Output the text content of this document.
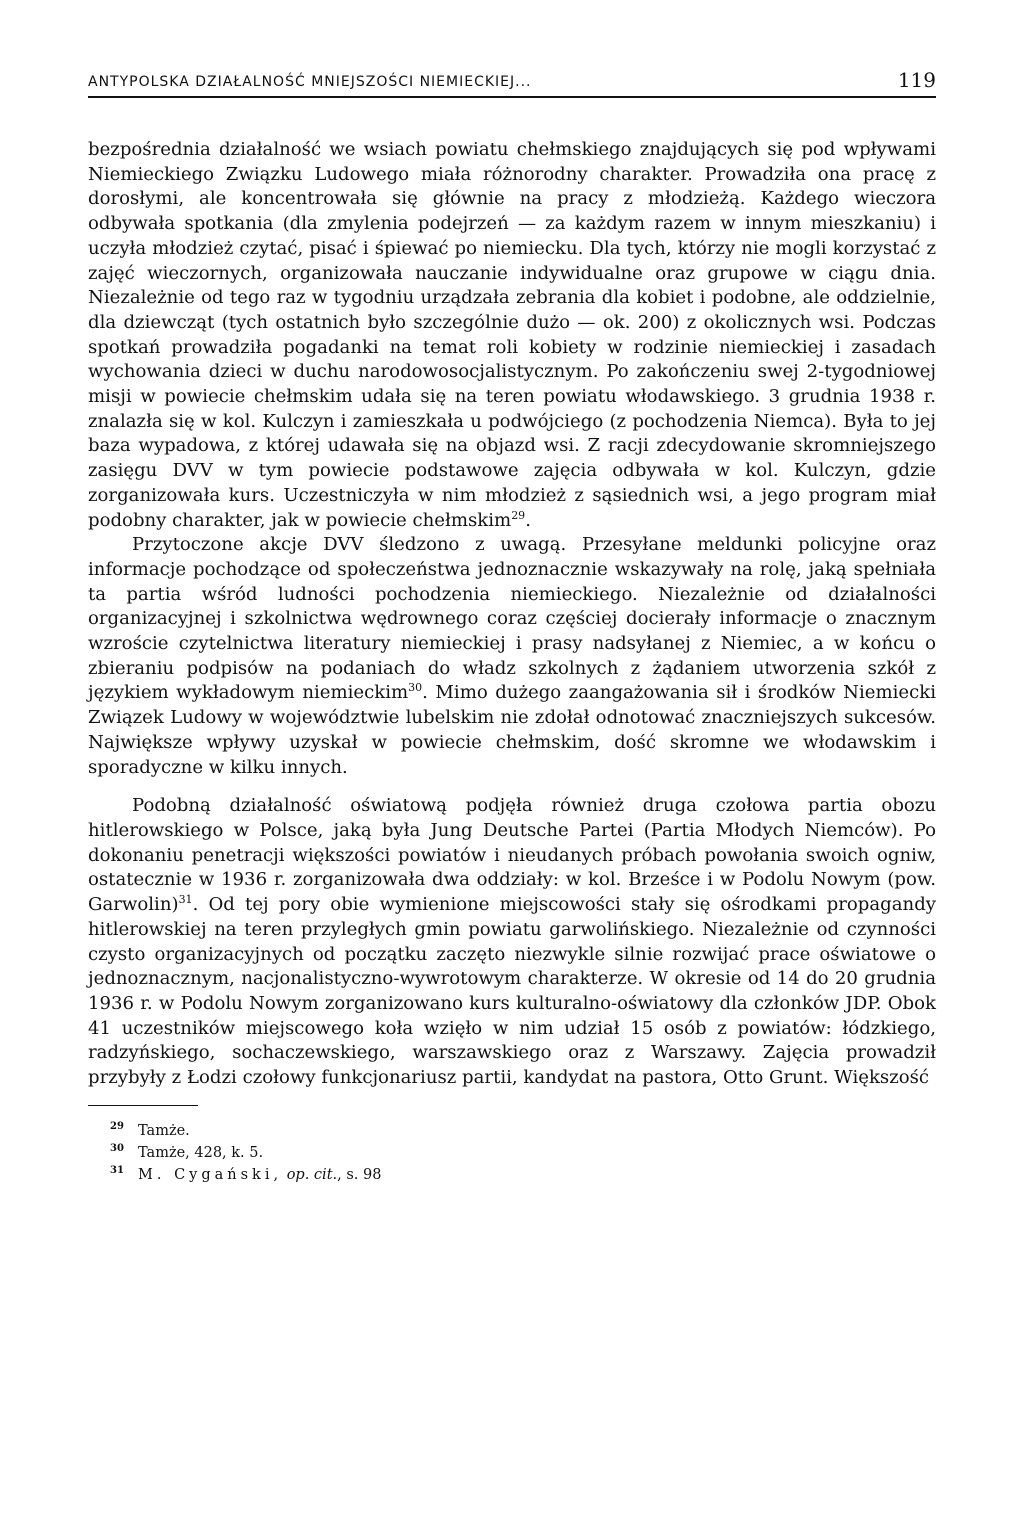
ANTYPOLSKA DZIAŁALNOŚĆ MNIEJSZOŚCI NIEMIECKIEJ...	119

bezpośrednia działalność we wsiach powiatu chełmskiego znajdujących się pod wpływami Niemieckiego Związku Ludowego miała różnorodny charakter. Prowadziła ona pracę z dorosłymi, ale koncentrowała się głównie na pracy z młodzieżą. Każdego wieczora odbywała spotkania (dla zmylenia podejrzeń — za każdym razem w innym mieszkaniu) i uczyła młodzież czytać, pisać i śpiewać po niemiecku. Dla tych, którzy nie mogli korzystać z zajęć wieczornych, organizowała nauczanie indywidualne oraz grupowe w ciągu dnia. Niezależnie od tego raz w tygodniu urządzała zebrania dla kobiet i podobne, ale oddzielnie, dla dziewcząt (tych ostatnich było szczególnie dużo — ok. 200) z okolicznych wsi. Podczas spotkań prowadziła pogadanki na temat roli kobiety w rodzinie niemieckiej i zasadach wychowania dzieci w duchu narodowosocjalistycznym. Po zakończeniu swej 2-tygodniowej misji w powiecie chełmskim udała się na teren powiatu włodawskiego. 3 grudnia 1938 r. znalazła się w kol. Kulczyn i zamieszkała u podwójciego (z pochodzenia Niemca). Była to jej baza wypadowa, z której udawała się na objazd wsi. Z racji zdecydowanie skromniejszego zasięgu DVV w tym powiecie podstawowe zajęcia odbywała w kol. Kulczyn, gdzie zorganizowała kurs. Uczestniczyła w nim młodzież z sąsiednich wsi, a jego program miał podobny charakter, jak w powiecie chełmskim$^{29}$.

Przytoczone akcje DVV śledzono z uwagą. Przesyłane meldunki policyjne oraz informacje pochodzące od społeczeństwa jednoznacznie wskazywały na rolę, jaką spełniała ta partia wśród ludności pochodzenia niemieckiego. Niezależnie od działalności organizacyjnej i szkolnictwa wędrownego coraz częściej docierały informacje o znacznym wzroście czytelnictwa literatury niemieckiej i prasy nadsyłanej z Niemiec, a w końcu o zbieraniu podpisów na podaniach do władz szkolnych z żądaniem utworzenia szkół z językiem wykładowym niemieckim$^{30}$. Mimo dużego zaangażowania sił i środków Niemiecki Związek Ludowy w województwie lubelskim nie zdołał odnotować znaczniejszych sukcesów. Największe wpływy uzyskał w powiecie chełmskim, dość skromne we włodawskim i sporadyczne w kilku innych.

Podobną działalność oświatową podjęła również druga czołowa partia obozu hitlerowskiego w Polsce, jaką była Jung Deutsche Partei (Partia Młodych Niemców). Po dokonaniu penetracji większości powiatów i nieudanych próbach powołania swoich ogniw, ostatecznie w 1936 r. zorganizowała dwa oddziały: w kol. Brześce i w Podolu Nowym (pow. Garwolin)$^{31}$. Od tej pory obie wymienione miejscowości stały się ośrodkami propagandy hitlerowskiej na teren przyległych gmin powiatu garwolińskiego. Niezależnie od czynności czysto organizacyjnych od początku zaczęto niezwykle silnie rozwijać prace oświatowe o jednoznacznym, nacjonalistyczno-wywrotowym charakterze. W okresie od 14 do 20 grudnia 1936 r. w Podolu Nowym zorganizowano kurs kulturalno-oświatowy dla członków JDP. Obok 41 uczestników miejscowego koła wzięło w nim udział 15 osób z powiatów: łódzkiego, radzyńskiego, sochaczewskiego, warszawskiego oraz z Warszawy. Zajęcia prowadził przybyły z Łodzi czołowy funkcjonariusz partii, kandydat na pastora, Otto Grunt. Większość

29 Tamże.
30 Tamże, 428, k. 5.
31 M. Cygański, op. cit., s. 98
